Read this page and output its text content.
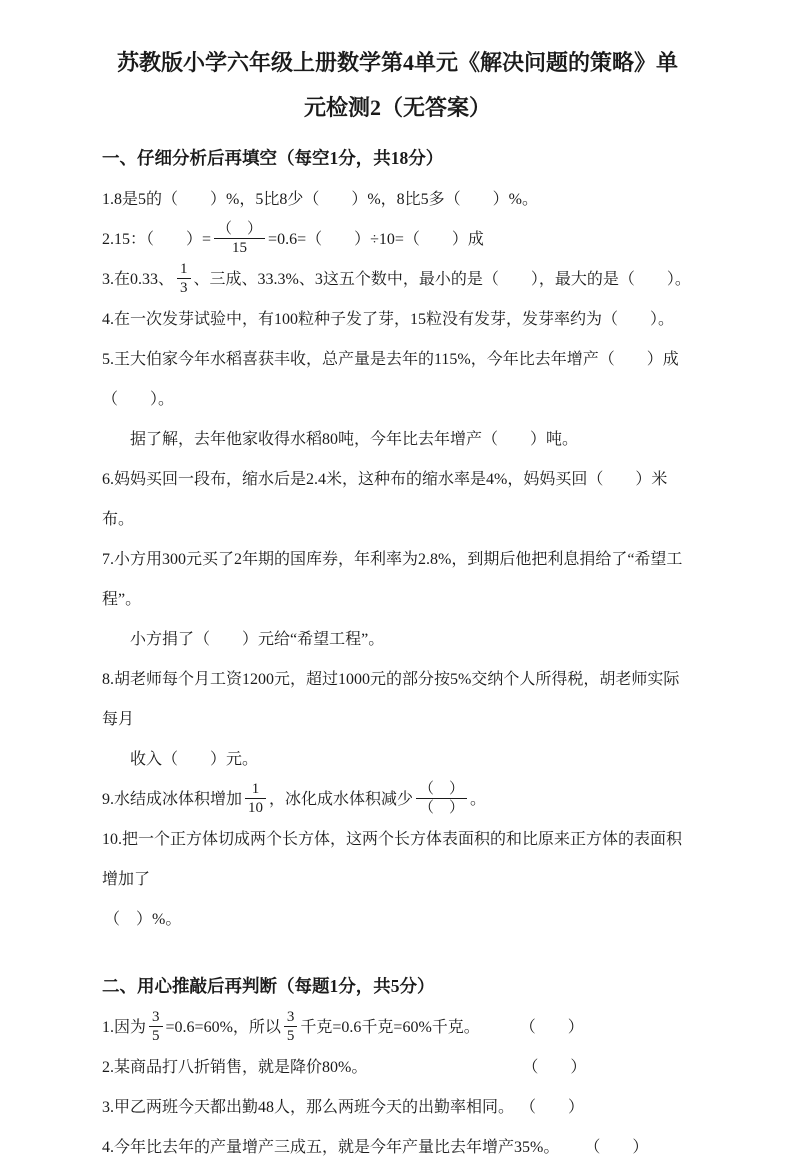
苏教版小学六年级上册数学第4单元《解决问题的策略》单
元检测2（无答案）
一、仔细分析后再填空（每空1分，共18分）
1.8是5的（　　）%，5比8少（　　）%，8比5多（　　）%。
2.15：（　　）= $\frac{( )}{15} =0.6=$（　　）÷10=（　　）成
3.在0.33、 $\frac{1}{3}$ 、三成、33.3%、3这五个数中，最小的是（　　），最大的是（　　）。
4.在一次发芽试验中，有100粒种子发了芽，15粒没有发芽，发芽率约为（　　）。
5.王大伯家今年水稻喜获丰收，总产量是去年的115%，今年比去年增产（　　）成（　　）。
据了解，去年他家收得水稻80吨，今年比去年增产（　　）吨。
6.妈妈买回一段布，缩水后是2.4米，这种布的缩水率是4%，妈妈买回（　　）米布。
7.小方用300元买了2年期的国库券，年利率为2.8%，到期后他把利息捐给了“希望工程”。
小方捐了（　　）元给“希望工程”。
8.胡老师每个月工资1200元，超过1000元的部分按5%交纳个人所得税，胡老师实际每月
收入（　　）元。
9.水结成冰体积增加 $\frac{1}{10}$ ，冰化成水体积减少 $\frac{( )}{( )}$ 。
10.把一个正方体切成两个长方体，这两个长方体表面积的和比原来正方体的表面积增加了
（　）%。
二、用心推敲后再判断（每题1分，共5分）
1.因为 $\frac{3}{5} =0.6=60\%$，所以 $\frac{3}{5}$ 千克=0.6千克=60%千克。	（　　）
2.某商品打八折销售，就是降价80%。	（　　）
3.甲乙两班今天都出勤48人，那么两班今天的出勤率相同。 （　　）
4.今年比去年的产量增产三成五，就是今年产量比去年增产35%。 （　　）
